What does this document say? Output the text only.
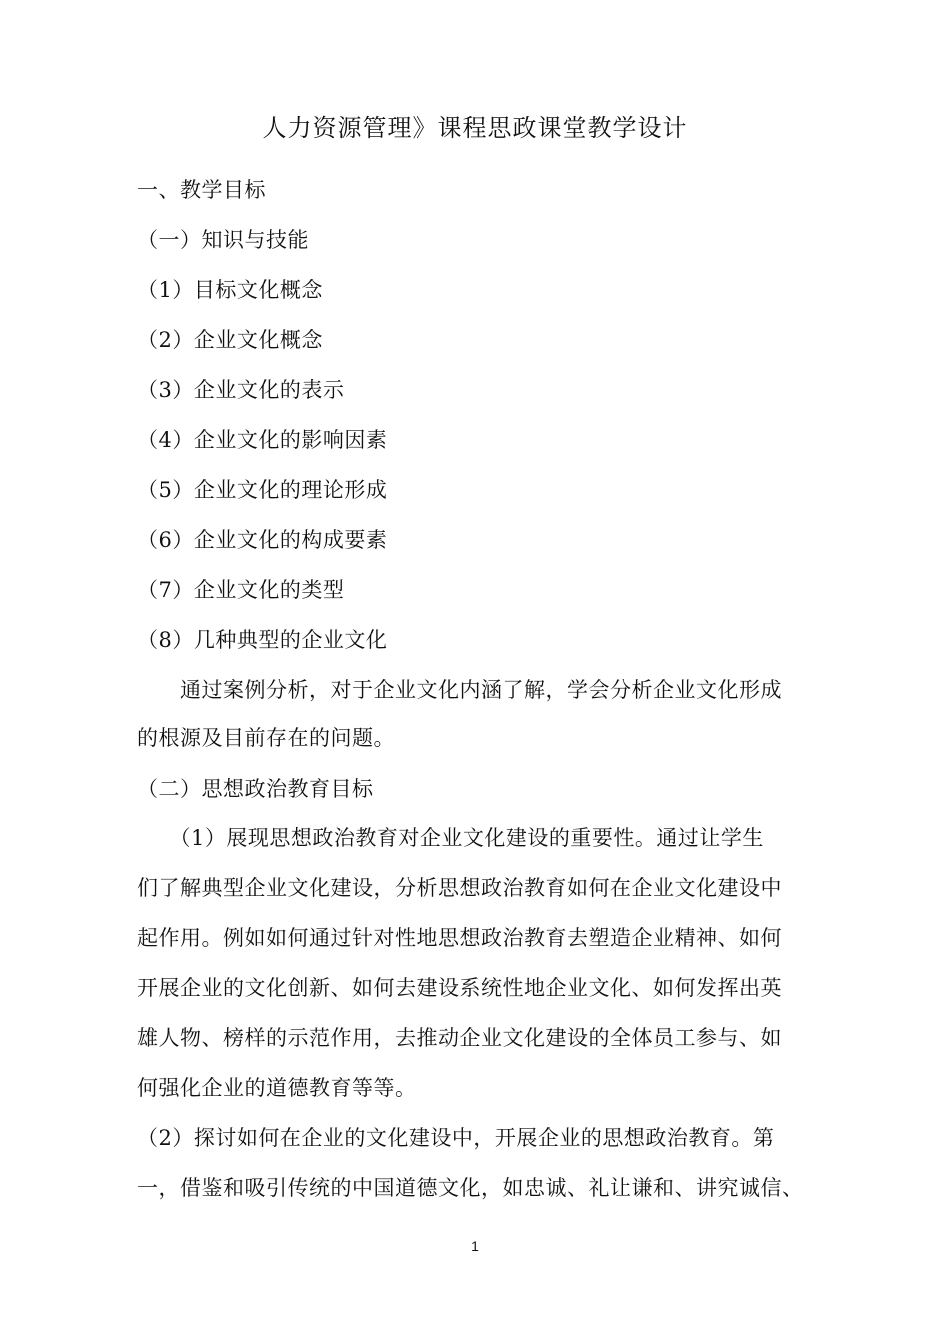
人力资源管理》课程思政课堂教学设计
一、教学目标
（一）知识与技能
（1）目标文化概念
（2）企业文化概念
（3）企业文化的表示
（4）企业文化的影响因素
（5）企业文化的理论形成
（6）企业文化的构成要素
（7）企业文化的类型
（8）几种典型的企业文化
　　通过案例分析，对于企业文化内涵了解，学会分析企业文化形成
的根源及目前存在的问题。
（二）思想政治教育目标
　　（1）展现思想政治教育对企业文化建设的重要性。通过让学生
们了解典型企业文化建设，分析思想政治教育如何在企业文化建设中
起作用。例如如何通过针对性地思想政治教育去塑造企业精神、如何
开展企业的文化创新、如何去建设系统性地企业文化、如何发挥出英
雄人物、榜样的示范作用，去推动企业文化建设的全体员工参与、如
何强化企业的道德教育等等。
（2）探讨如何在企业的文化建设中，开展企业的思想政治教育。第
一，借鉴和吸引传统的中国道德文化，如忠诚、礼让谦和、讲究诚信、
1
